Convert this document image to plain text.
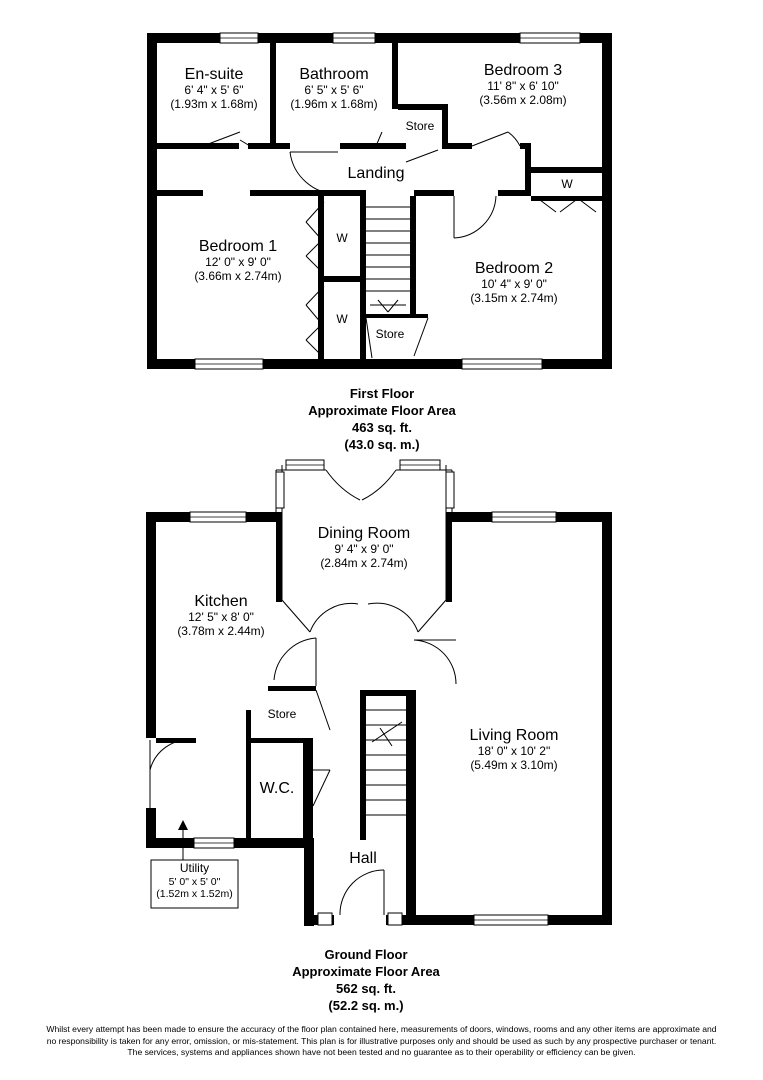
En-suite
6' 4" x 5' 6"
(1.93m x 1.68m)
Bathroom
6' 5" x 5' 6"
(1.96m x 1.68m)
Bedroom 3
11' 8" x 6' 10"
(3.56m x 2.08m)
Store
Landing
W
Bedroom 1
12' 0" x 9' 0"
(3.66m x 2.74m)
W
W
Bedroom 2
10' 4" x 9' 0"
(3.15m x 2.74m)
Store
First Floor
Approximate Floor Area
463 sq. ft.
(43.0 sq. m.)
Dining Room
9' 4" x 9' 0"
(2.84m x 2.74m)
Kitchen
12' 5" x 8' 0"
(3.78m x 2.44m)
Store
Living Room
18' 0" x 10' 2"
(5.49m x 3.10m)
W.C.
Hall
Utility
5' 0" x 5' 0"
(1.52m x 1.52m)
Ground Floor
Approximate Floor Area
562 sq. ft.
(52.2 sq. m.)
Whilst every attempt has been made to ensure the accuracy of the floor plan contained here, measurements of doors, windows, rooms and any other items are approximate and
no responsibility is taken for any error, omission, or mis-statement. This plan is for illustrative purposes only and should be used as such by any prospective purchaser or tenant.
The services, systems and appliances shown have not been tested and no guarantee as to their operability or efficiency can be given.
